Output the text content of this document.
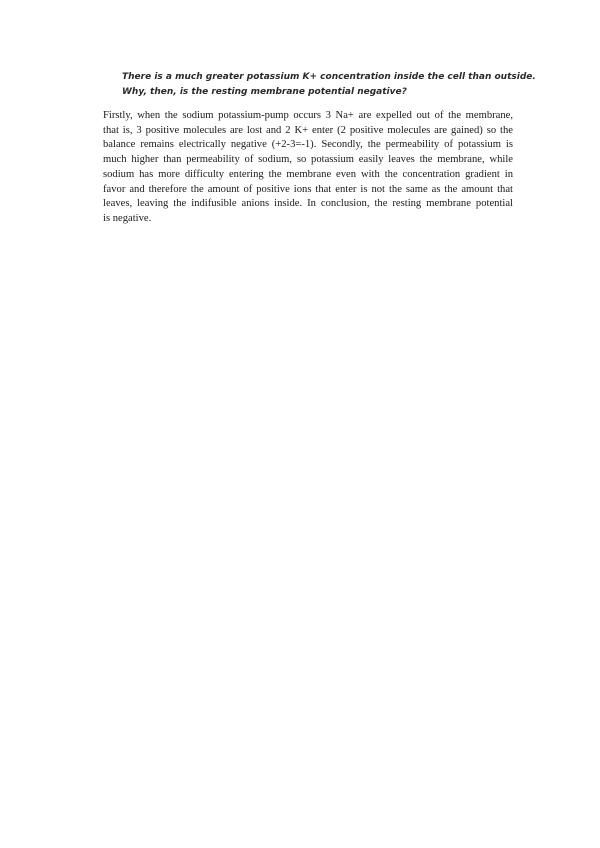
There is a much greater potassium K+ concentration inside the cell than outside.
Why, then, is the resting membrane potential negative?
Firstly, when the sodium potassium-pump occurs 3 Na+ are expelled out of the membrane,
that is, 3 positive molecules are lost and 2 K+ enter (2 positive molecules are gained) so the
balance remains electrically negative (+2-3=-1). Secondly, the permeability of potassium is
much higher than permeability of sodium, so potassium easily leaves the membrane, while
sodium has more difficulty entering the membrane even with the concentration gradient in
favor and therefore the amount of positive ions that enter is not the same as the amount that
leaves, leaving the indifusible anions inside. In conclusion, the resting membrane potential
is negative.
